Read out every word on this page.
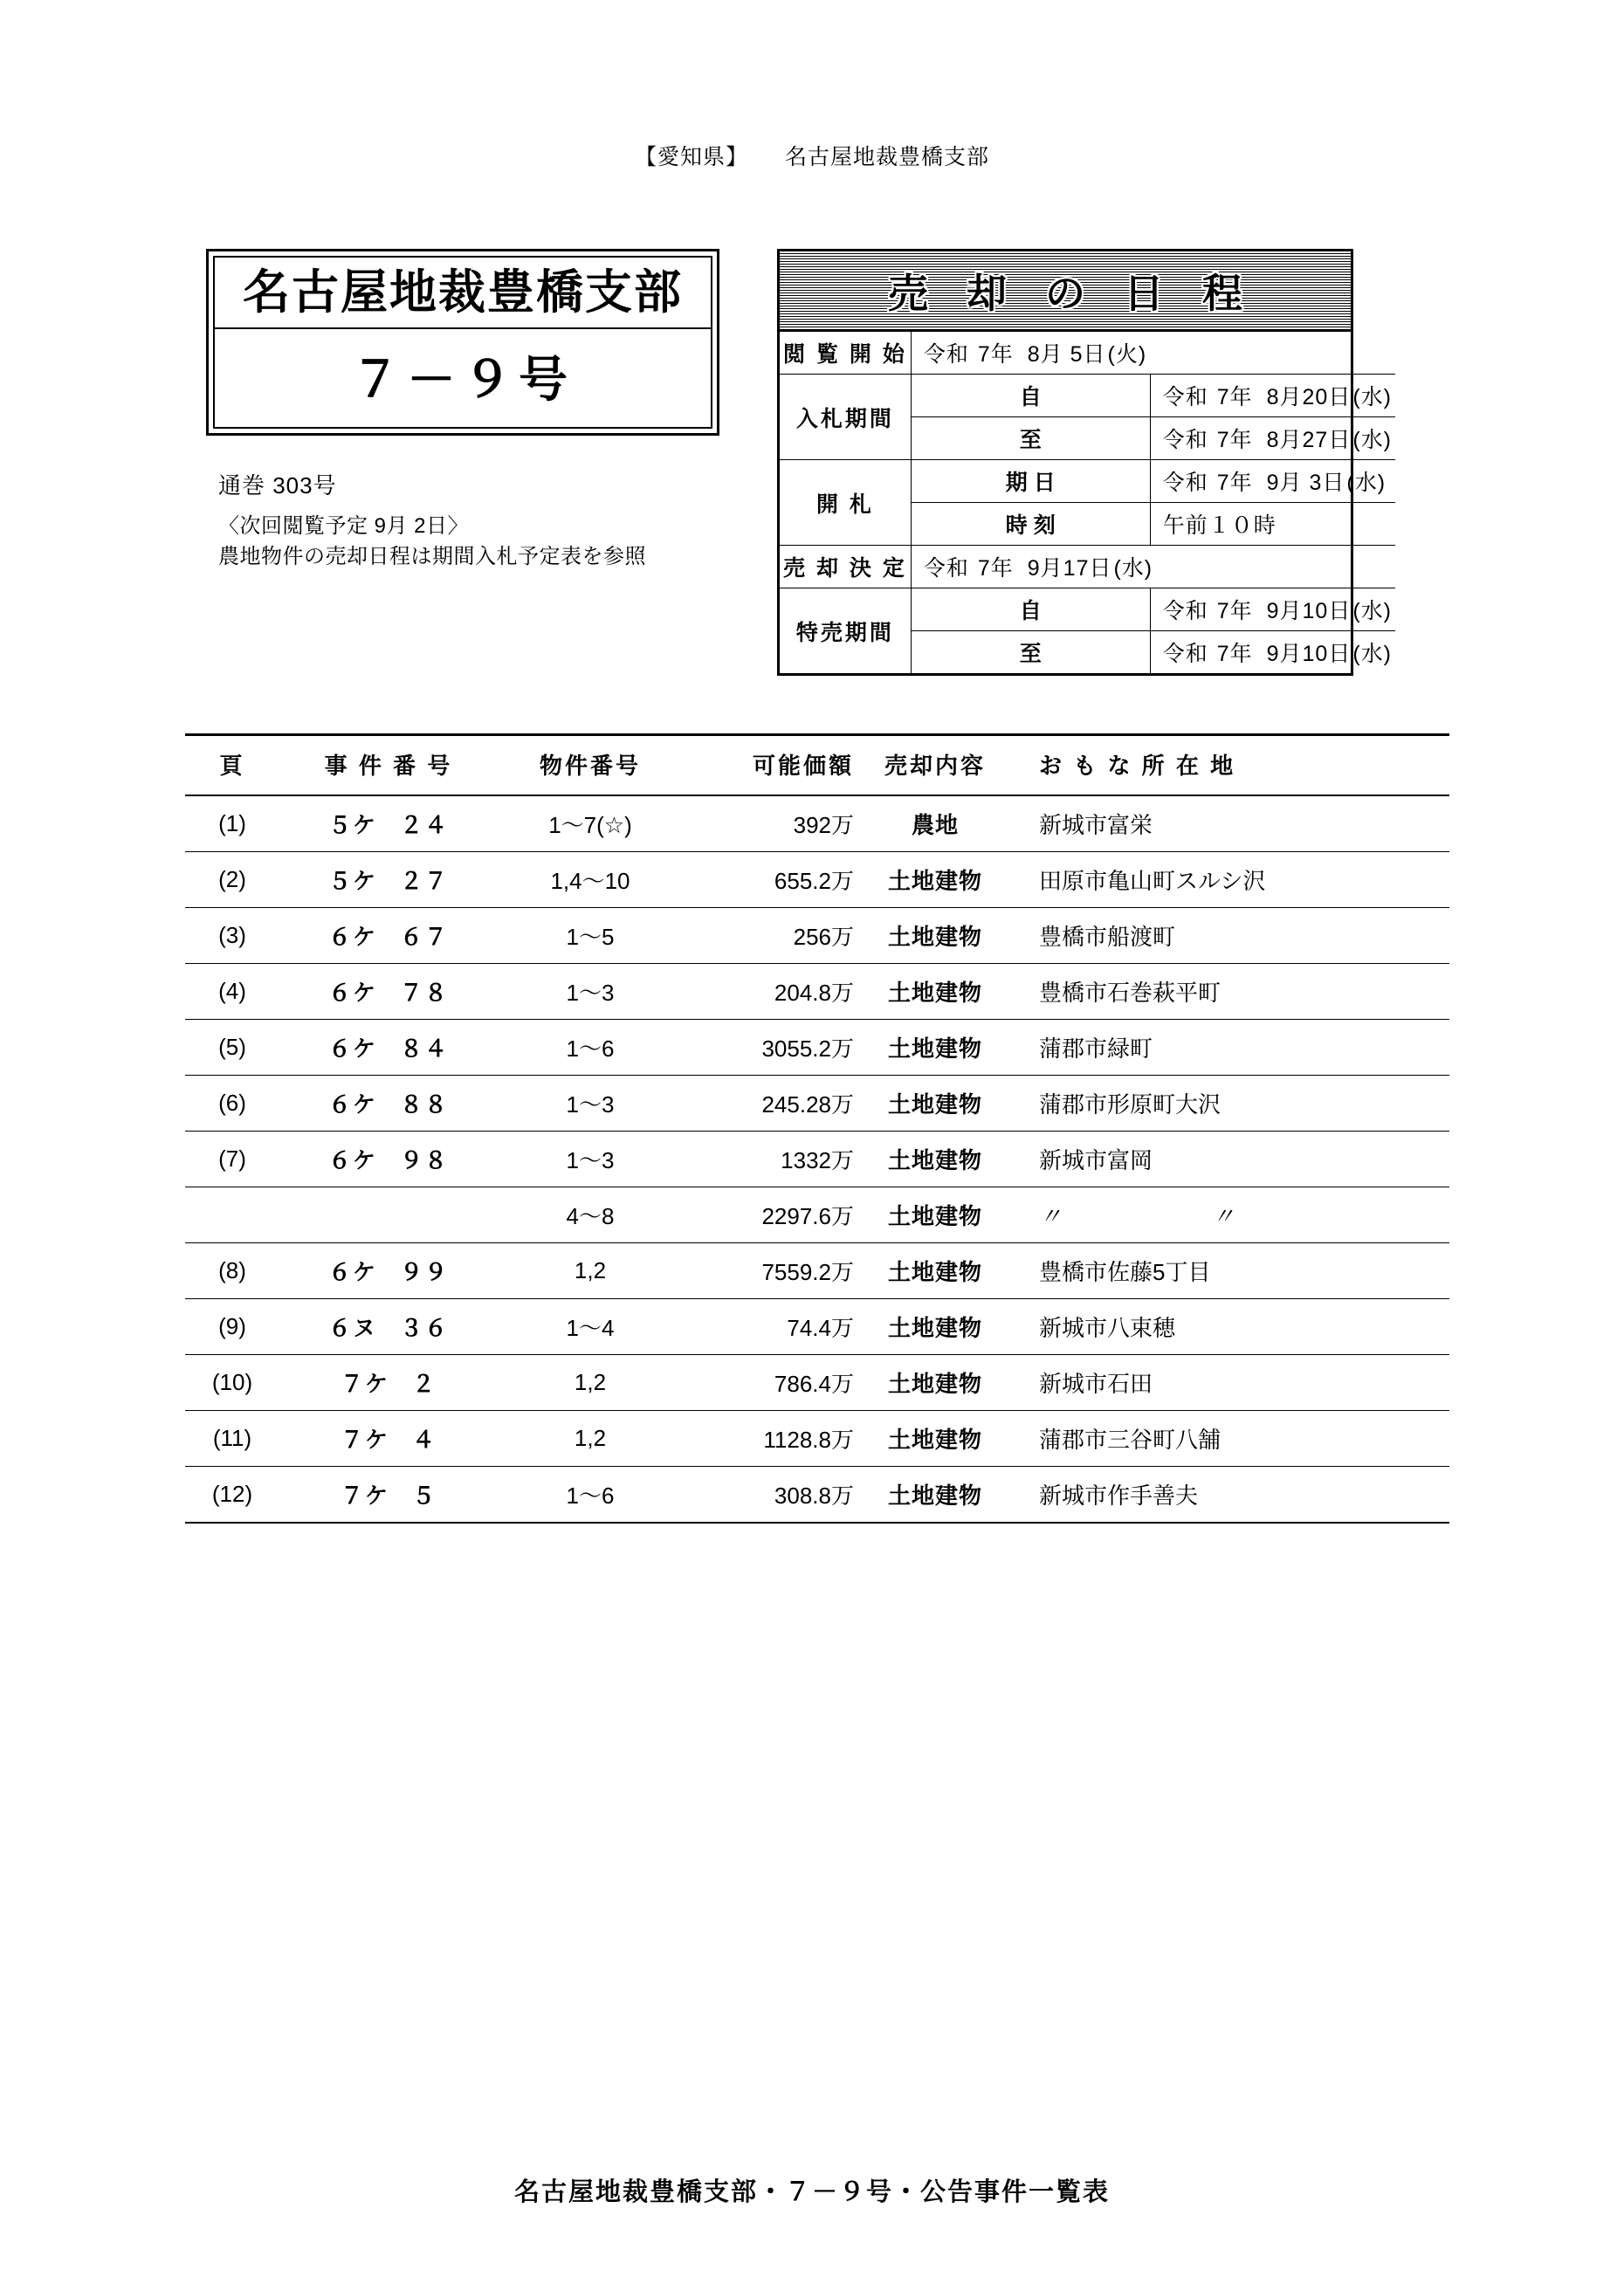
【愛知県】 名古屋地裁豊橋支部
名古屋地裁豊橋支部
７－９号
通巻 303号
〈次回閲覧予定 9月 2日〉
農地物件の売却日程は期間入札予定表を参照
売 却 の 日 程
閲 覧 開 始	令和 7年 8月 5日(火)	
入札期間	自	令和 7年 8月20日(水)
	至	令和 7年 8月27日(水)
開 札	期 日	令和 7年 9月 3日(水)
	時 刻	午前１０時
売 却 決 定	令和 7年 9月17日(水)	
特売期間	自	令和 7年 9月10日(水)
	至	令和 7年 9月10日(水)
頁	事 件 番 号	物件番号	可能価額	売却内容	お も な 所 在 地
(1)	５ケ ２４	1〜7(☆)	392万	農地	新城市富栄
(2)	５ケ ２７	1,4〜10	655.2万	土地建物	田原市亀山町スルシ沢
(3)	６ケ ６７	1〜5	256万	土地建物	豊橋市船渡町
(4)	６ケ ７８	1〜3	204.8万	土地建物	豊橋市石巻萩平町
(5)	６ケ ８４	1〜6	3055.2万	土地建物	蒲郡市緑町
(6)	６ケ ８８	1〜3	245.28万	土地建物	蒲郡市形原町大沢
(7)	６ケ ９８	1〜3	1332万	土地建物	新城市富岡
		4〜8	2297.6万	土地建物	〃　　〃
(8)	６ケ ９９	1,2	7559.2万	土地建物	豊橋市佐藤5丁目
(9)	６ヌ ３６	1〜4	74.4万	土地建物	新城市八束穂
(10)	７ケ ２	1,2	786.4万	土地建物	新城市石田
(11)	７ケ ４	1,2	1128.8万	土地建物	蒲郡市三谷町八舗
(12)	７ケ ５	1〜6	308.8万	土地建物	新城市作手善夫
名古屋地裁豊橋支部・７－９号・公告事件一覧表
